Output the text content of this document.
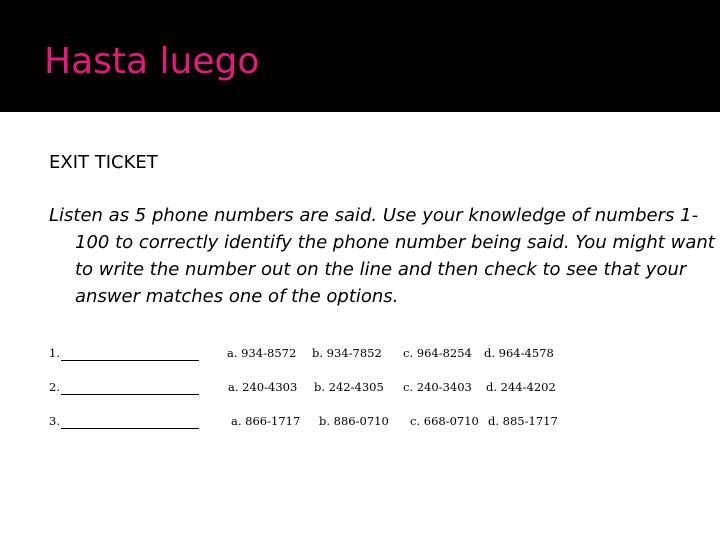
Hasta luego
EXIT TICKET

Listen as 5 phone numbers are said. Use your knowledge of numbers 1-100 to correctly identify the phone number being said. You might want to write the number out on the line and then check to see that your answer matches one of the options.

1.	a. 934-8572 b. 934-7852 c. 964-8254 d. 964-4578
2.	a. 240-4303 b. 242-4305 c. 240-3403 d. 244-4202
3.	a. 866-1717 b. 886-0710 c. 668-0710 d. 885-1717
